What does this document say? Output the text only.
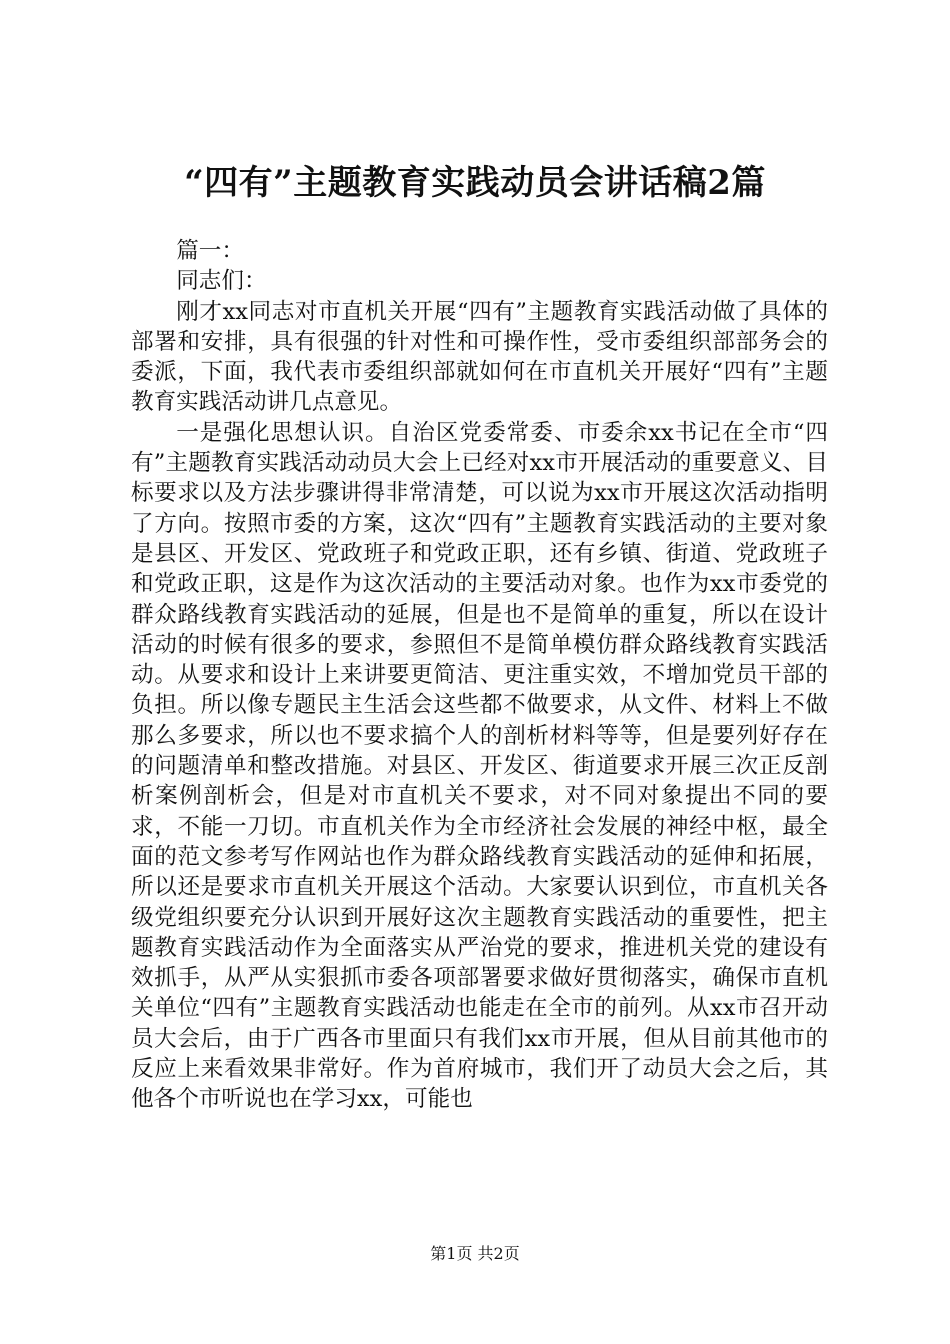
“四有”主题教育实践动员会讲话稿2篇

篇一：

同志们：

刚才xx同志对市直机关开展“四有”主题教育实践活动做了具体的部署和安排，具有很强的针对性和可操作性，受市委组织部部务会的委派，下面，我代表市委组织部就如何在市直机关开展好“四有”主题教育实践活动讲几点意见。

一是强化思想认识。自治区党委常委、市委余xx书记在全市“四有”主题教育实践活动动员大会上已经对xx市开展活动的重要意义、目标要求以及方法步骤讲得非常清楚，可以说为xx市开展这次活动指明了方向。按照市委的方案，这次“四有”主题教育实践活动的主要对象是县区、开发区、党政班子和党政正职，还有乡镇、街道、党政班子和党政正职，这是作为这次活动的主要活动对象。也作为xx市委党的群众路线教育实践活动的延展，但是也不是简单的重复，所以在设计活动的时候有很多的要求，参照但不是简单模仿群众路线教育实践活动。从要求和设计上来讲要更简洁、更注重实效，不增加党员干部的负担。所以像专题民主生活会这些都不做要求，从文件、材料上不做那么多要求，所以也不要求搞个人的剖析材料等等，但是要列好存在的问题清单和整改措施。对县区、开发区、街道要求开展三次正反剖析案例剖析会，但是对市直机关不要求，对不同对象提出不同的要求，不能一刀切。市直机关作为全市经济社会发展的神经中枢，最全面的范文参考写作网站也作为群众路线教育实践活动的延伸和拓展，所以还是要求市直机关开展这个活动。大家要认识到位，市直机关各级党组织要充分认识到开展好这次主题教育实践活动的重要性，把主题教育实践活动作为全面落实从严治党的要求，推进机关党的建设有效抓手，从严从实狠抓市委各项部署要求做好贯彻落实，确保市直机关单位“四有”主题教育实践活动也能走在全市的前列。从xx市召开动员大会后，由于广西各市里面只有我们xx市开展，但从目前其他市的反应上来看效果非常好。作为首府城市，我们开了动员大会之后，其他各个市听说也在学习xx，可能也

第1页 共2页
